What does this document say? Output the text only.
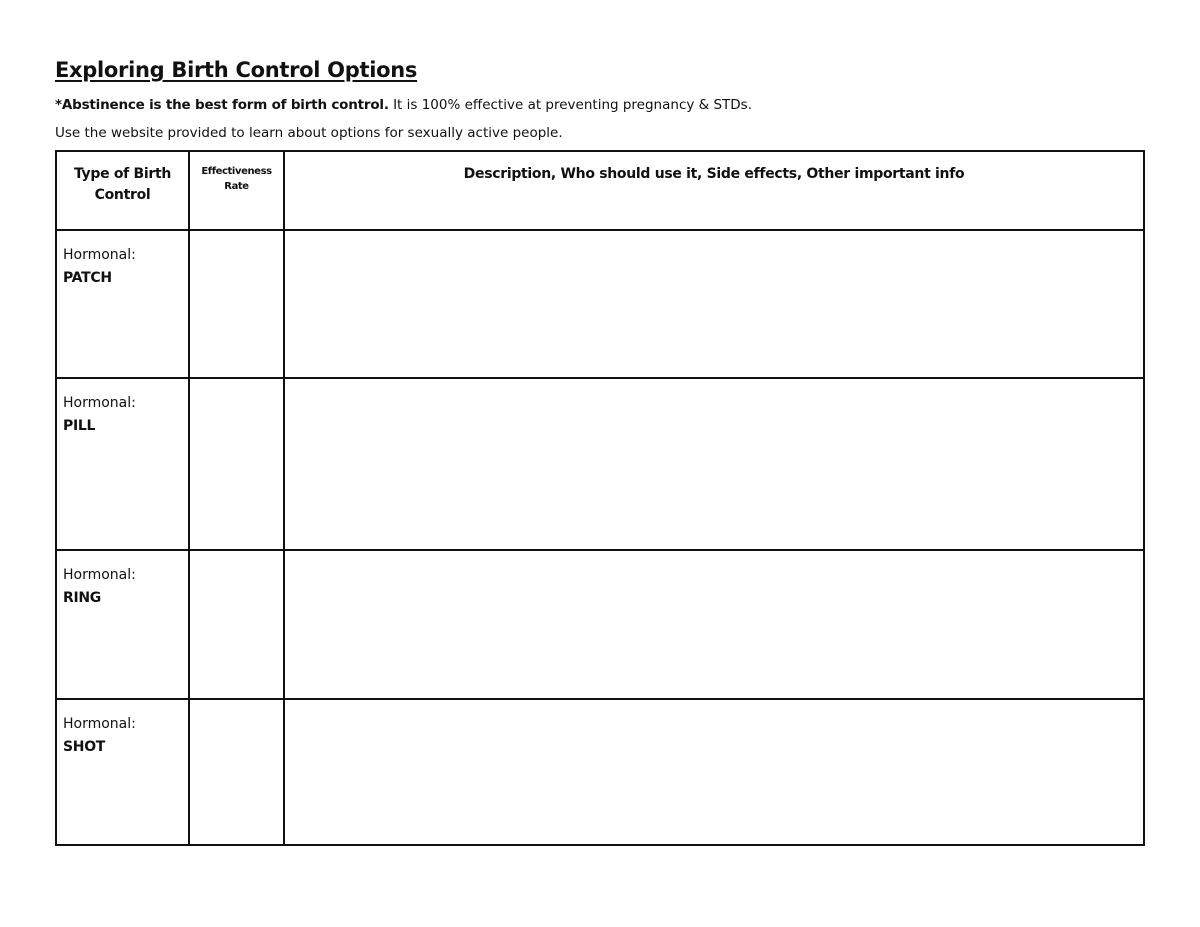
Exploring Birth Control Options
*Abstinence is the best form of birth control. It is 100% effective at preventing pregnancy & STDs.
Use the website provided to learn about options for sexually active people.
Type of Birth Control	Effectiveness Rate	Description, Who should use it, Side effects, Other important info

Hormonal:
PATCH		

Hormonal:
PILL		

Hormonal:
RING		

Hormonal:
SHOT		
